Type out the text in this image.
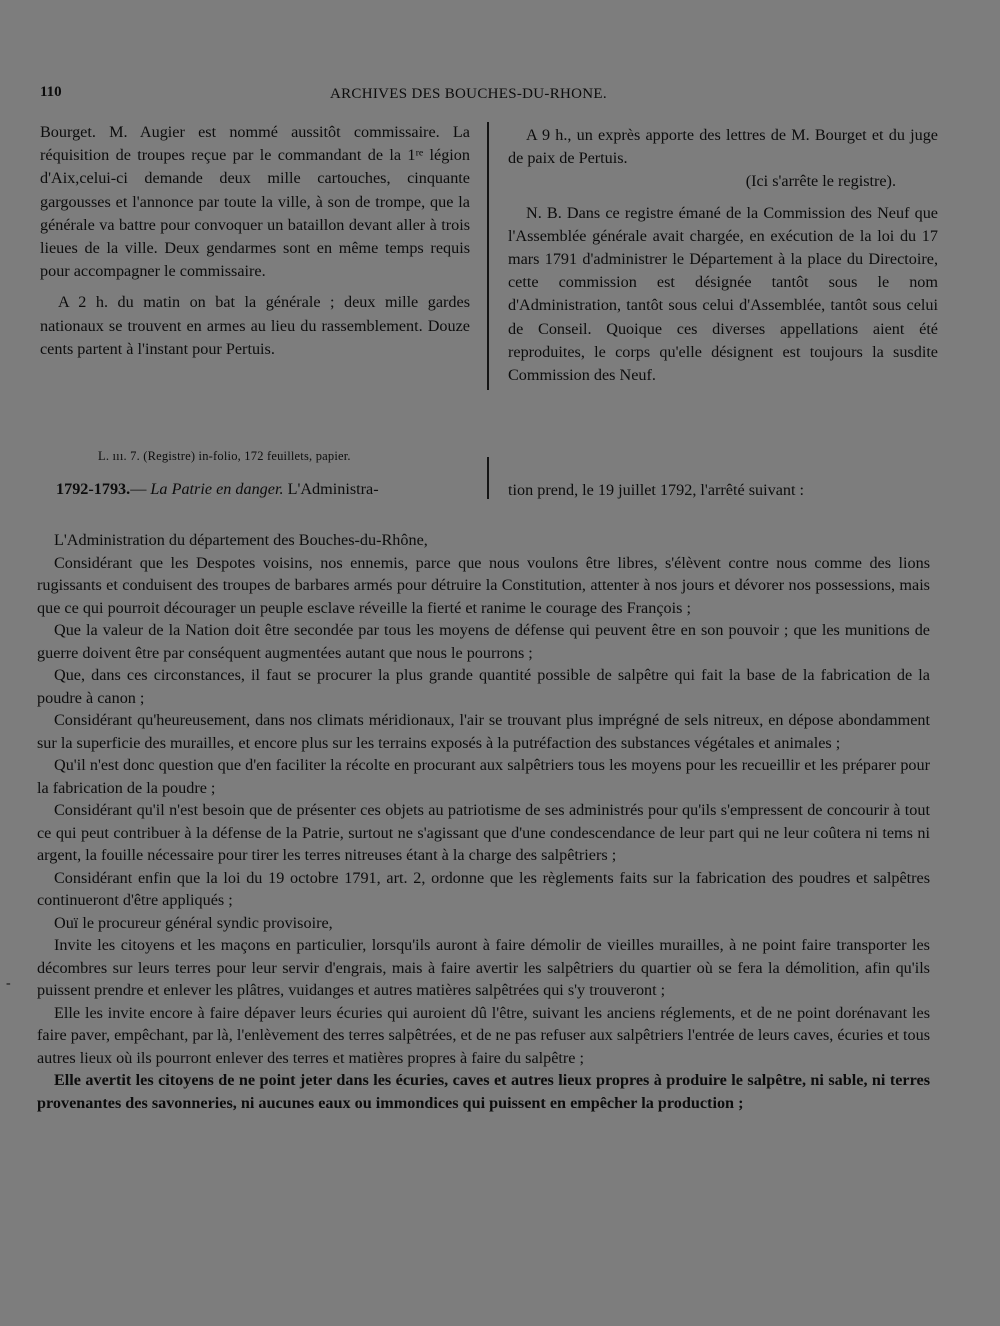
110	ARCHIVES DES BOUCHES-DU-RHONE.

Bourget. M. Augier est nommé aussitôt commissaire. La réquisition de troupes reçue par le commandant de la 1ʳᵉ légion d'Aix,celui-ci demande deux mille cartouches, cinquante gargousses et l'annonce par toute la ville, à son de trompe, que la générale va battre pour convoquer un bataillon devant aller à trois lieues de la ville. Deux gendarmes sont en même temps requis pour accompagner le commissaire.

A 2 h. du matin on bat la générale ; deux mille gardes nationaux se trouvent en armes au lieu du rassemblement. Douze cents partent à l'instant pour Pertuis.

A 9 h., un exprès apporte des lettres de M. Bourget et du juge de paix de Pertuis.

(Ici s'arrête le registre).

N. B. Dans ce registre émané de la Commission des Neuf que l'Assemblée générale avait chargée, en exécution de la loi du 17 mars 1791 d'administrer le Département à la place du Directoire, cette commission est désignée tantôt sous le nom d'Administration, tantôt sous celui d'Assemblée, tantôt sous celui de Conseil. Quoique ces diverses appellations aient été reproduites, le corps qu'elle désignent est toujours la susdite Commission des Neuf.

L. ııı. 7. (Registre) in-folio, 172 feuillets, papier.
1792-1793.— La Patrie en danger. L'Administra-	tion prend, le 19 juillet 1792, l'arrêté suivant :

L'Administration du département des Bouches-du-Rhône,

Considérant que les Despotes voisins, nos ennemis, parce que nous voulons être libres, s'élèvent contre nous comme des lions rugissants et conduisent des troupes de barbares armés pour détruire la Constitution, attenter à nos jours et dévorer nos possessions, mais que ce qui pourroit décourager un peuple esclave réveille la fierté et ranime le courage des François ;

Que la valeur de la Nation doit être secondée par tous les moyens de défense qui peuvent être en son pouvoir ; que les munitions de guerre doivent être par conséquent augmentées autant que nous le pourrons ;

Que, dans ces circonstances, il faut se procurer la plus grande quantité possible de salpêtre qui fait la base de la fabrication de la poudre à canon ;

Considérant qu'heureusement, dans nos climats méridionaux, l'air se trouvant plus imprégné de sels nitreux, en dépose abondamment sur la superficie des murailles, et encore plus sur les terrains exposés à la putréfaction des substances végétales et animales ;

Qu'il n'est donc question que d'en faciliter la récolte en procurant aux salpêtriers tous les moyens pour les recueillir et les préparer pour la fabrication de la poudre ;

Considérant qu'il n'est besoin que de présenter ces objets au patriotisme de ses administrés pour qu'ils s'empressent de concourir à tout ce qui peut contribuer à la défense de la Patrie, surtout ne s'agissant que d'une condescendance de leur part qui ne leur coûtera ni tems ni argent, la fouille nécessaire pour tirer les terres nitreuses étant à la charge des salpêtriers ;

Considérant enfin que la loi du 19 octobre 1791, art. 2, ordonne que les règlements faits sur la fabrication des poudres et salpêtres continueront d'être appliqués ;

Ouï le procureur général syndic provisoire,

Invite les citoyens et les maçons en particulier, lorsqu'ils auront à faire démolir de vieilles murailles, à ne point faire transporter les décombres sur leurs terres pour leur servir d'engrais, mais à faire avertir les salpêtriers du quartier où se fera la démolition, afin qu'ils puissent prendre et enlever les plâtres, vuidanges et autres matières salpêtrées qui s'y trouveront ;

Elle les invite encore à faire dépaver leurs écuries qui auroient dû l'être, suivant les anciens réglements, et de ne point dorénavant les faire paver, empêchant, par là, l'enlèvement des terres salpêtrées, et de ne pas refuser aux salpêtriers l'entrée de leurs caves, écuries et tous autres lieux où ils pourront enlever des terres et matières propres à faire du salpêtre ;

Elle avertit les citoyens de ne point jeter dans les écuries, caves et autres lieux propres à produire le salpêtre, ni sable, ni terres provenantes des savonneries, ni aucunes eaux ou immondices qui puissent en empêcher la production ;

-
